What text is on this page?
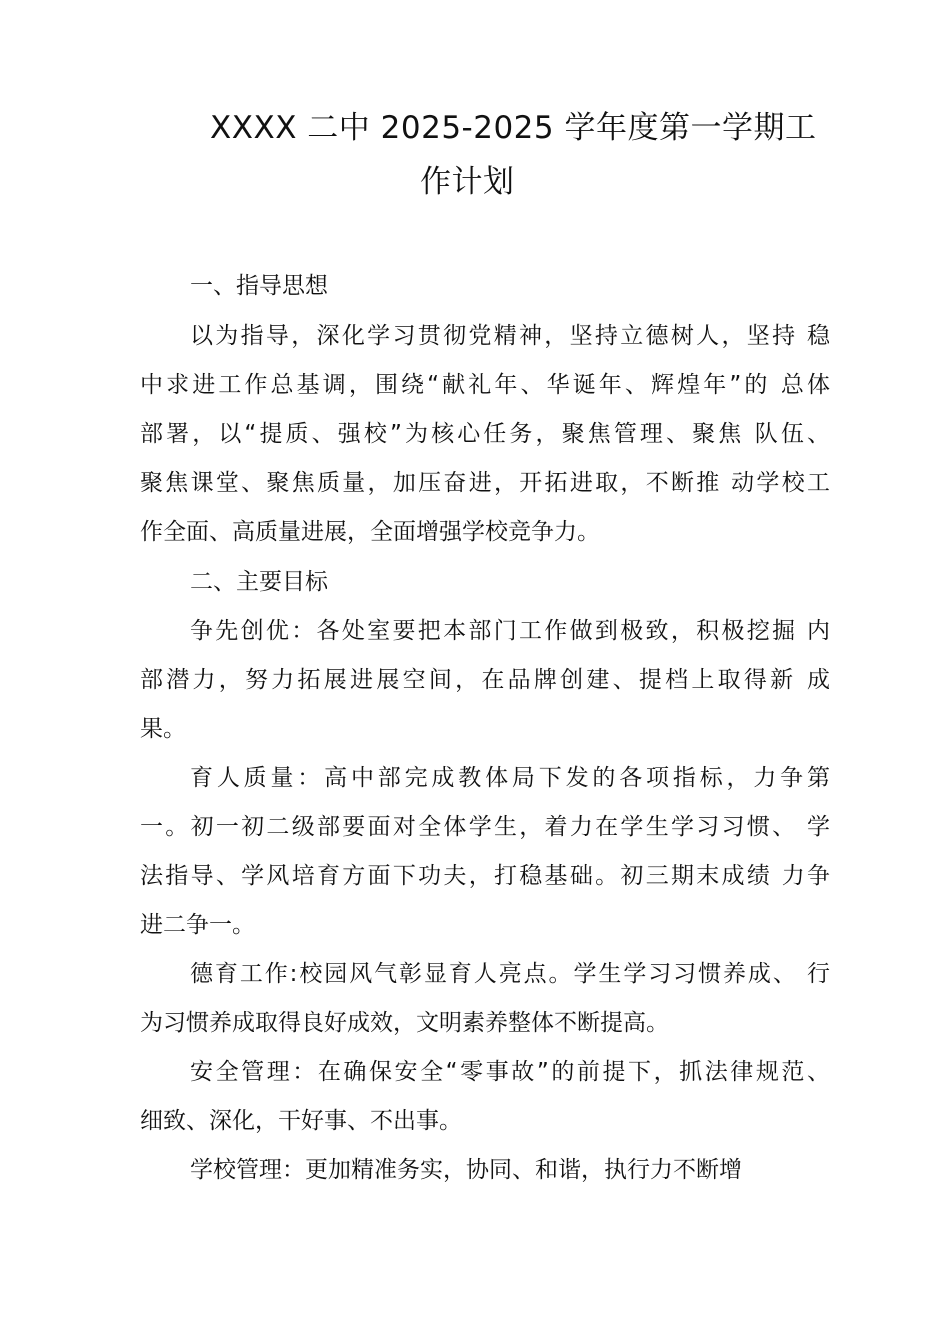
XXXX 二中 2025-2025 学年度第一学期工
作计划
一、指导思想
以为指导，深化学习贯彻党精神，坚持立德树人，坚持 稳
中求进工作总基调，围绕“献礼年、华诞年、辉煌年”的 总体
部署，以“提质、强校”为核心任务，聚焦管理、聚焦 队伍、
聚焦课堂、聚焦质量，加压奋进，开拓进取，不断推 动学校工
作全面、高质量进展，全面增强学校竞争力。
二、主要目标
争先创优：各处室要把本部门工作做到极致，积极挖掘 内
部潜力，努力拓展进展空间，在品牌创建、提档上取得新 成
果。
育人质量：高中部完成教体局下发的各项指标，力争第
一。初一初二级部要面对全体学生，着力在学生学习习惯、 学
法指导、学风培育方面下功夫，打稳基础。初三期末成绩 力争
进二争一。
德育工作:校园风气彰显育人亮点。学生学习习惯养成、 行
为习惯养成取得良好成效，文明素养整体不断提高。
安全管理：在确保安全“零事故”的前提下，抓法律规范、
细致、深化，干好事、不出事。
学校管理：更加精准务实，协同、和谐，执行力不断增
